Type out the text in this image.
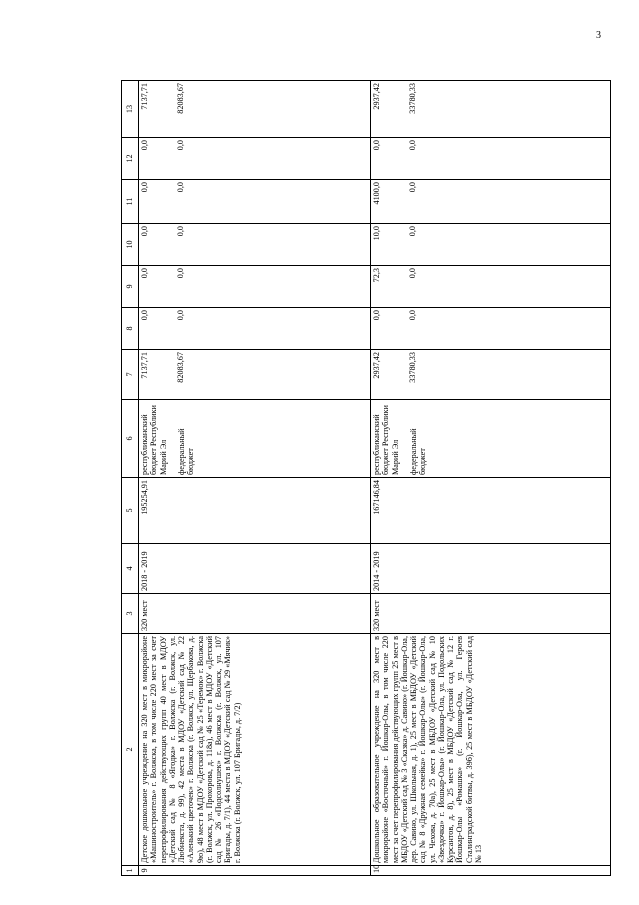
3
1	2	3	4	5	6	7	8	9	10	11	12	13
9	Детское дошкольное учреждение на 320 мест в микрорайоне «Машиностроитель» г. Волжска, в том числе 220 мест за счет перепрофилирования действующих групп 40 мест в МДОУ «Детский сад № 8 «Ягодка» г. Волжска (г. Волжск, ул. Любнекста, д. 99), 42 места в МДОУ «Детский сад № 22 «Аленький цветочек» г. Волжска (г. Волжск, ул. Щербакова, д. 9ю), 48 мест в МДОУ «Детский сад № 25 «Теремок» г. Волжска (г. Волжск, ул. Прохорова, д. 118а), 46 мест в МДОУ «Детский сад № 26 «Подсолнушек» г. Волжска (г. Волжск, ул. 107 Бригады, д. 7/1), 44 места в МДОУ «Детский сад № 29 «Мячик» г. Волжска (г. Волжск, ул. 107 Бригады, д. 7/2)	320 мест	2018 - 2019	195254,91	республиканский бюджет Республики Марий Эл федеральный бюджет	7137,71 82083,67	0,0 0,0	0,0 0,0	0,0 0,0	0,0 0,0	0,0 0,0	7137,71 82083,67

10	Дошкольное образовательное учреждение на 320 мест в микрорайоне «Восточный» г. Йошкар-Олы, в том числе 220 мест за счет перепрофилирования действующих групп 25 мест в МБДОУ «Детский сад № 3 «Сказка» д. Савино» (г. Йошкар-Ола, дер. Савино, ул. Школьная, д. 1), 25 мест в МБДОУ «Детский сад № 8 «Дружная семейка» г. Йошкар-Олы» (г. Йошкар-Ола, ул. Чехова, д. 70а), 25 мест в МБДОУ «Детский сад № 10 «Звездочка» г. Йошкар-Олы» (г. Йошкар-Ола, ул. Подольских Курсантов, д. 8), 25 мест в МБДОУ «Детский сад № 12 г. Йошкар-Олы «Ромашка» (г. Йошкар-Ола, ул. Героев Сталинградской битвы, д. 39б), 25 мест в МБДОУ «Детский сад № 13	320 мест	2014 - 2019	167146,84	республиканский бюджет Республики Марий Эл федеральный бюджет	2937,42 33780,33	0,0 0,0	72,3 0,0	10,0 0,0	4100,0 0,0	0,0 0,0	2937,42 33780,33
